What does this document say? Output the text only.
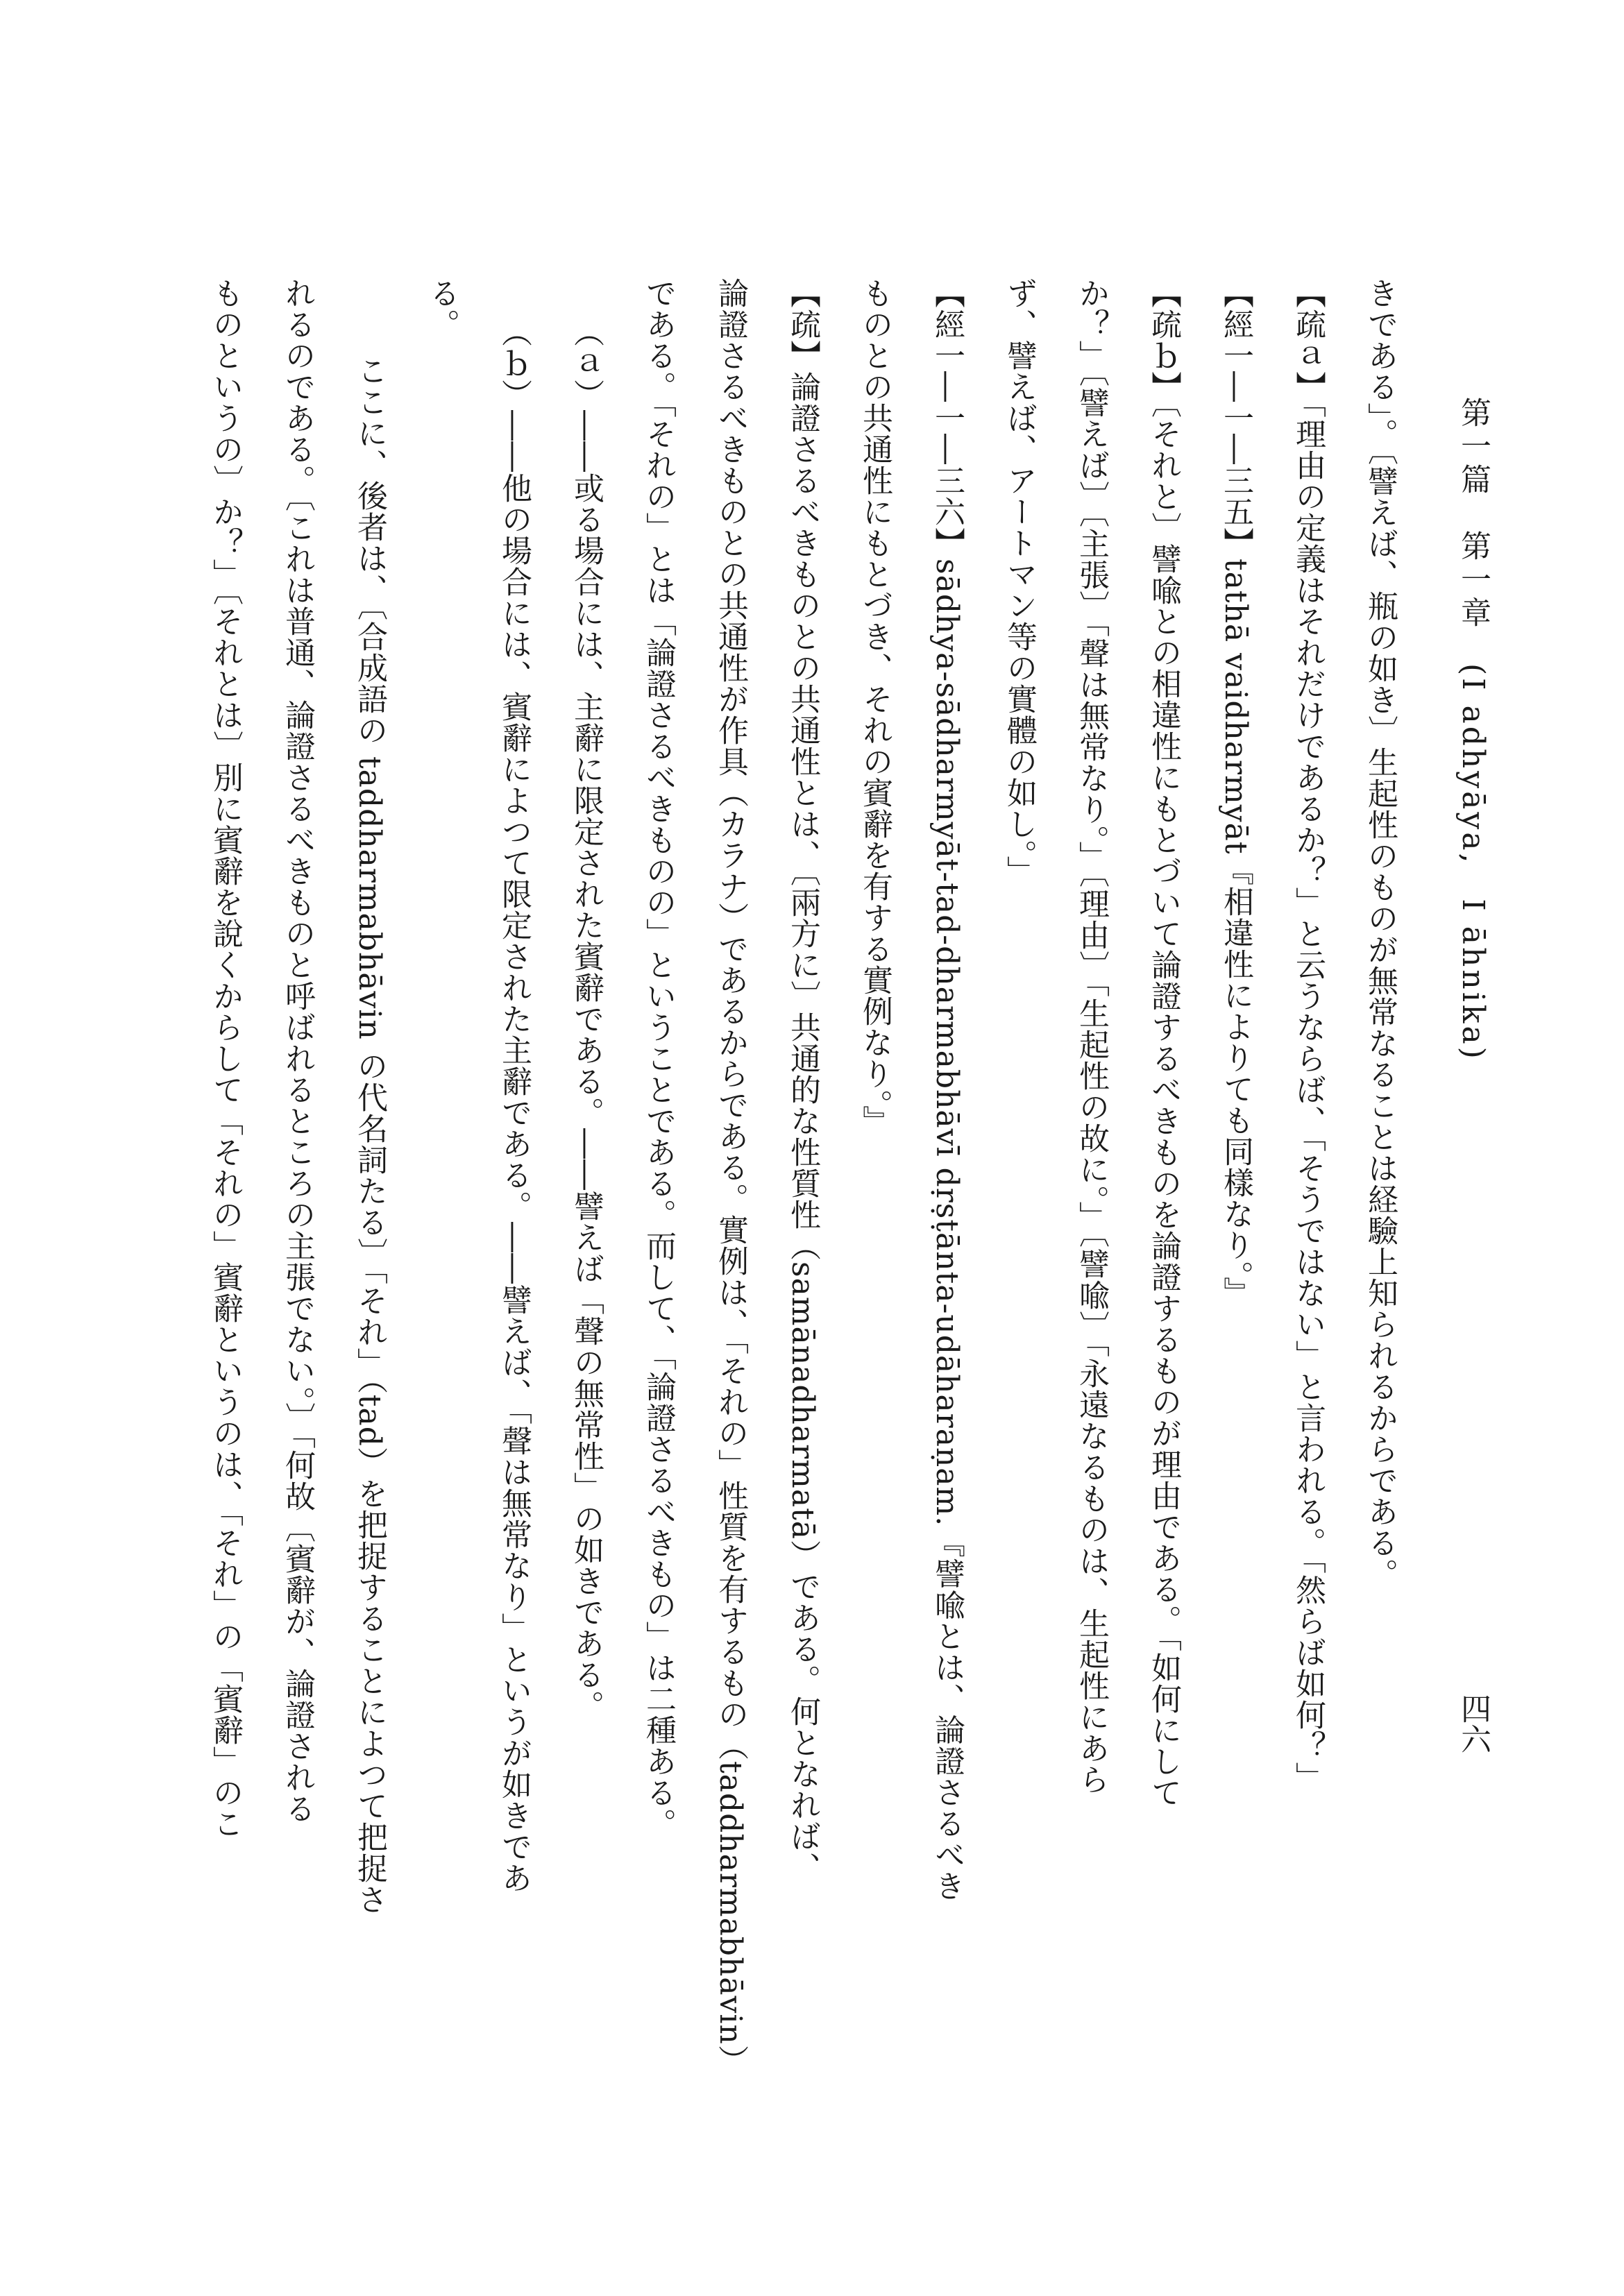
第一篇　第一章　(I adhyāya,　I āhnika)
四六
きである」。〔譬えば、瓶の如き〕生起性のものが無常なることは経驗上知られるからである。
【疏ａ】「理由の定義はそれだけであるか？」と云うならば、「そうではない」と言われる。「然らば如何？」
【經一―一―三五】tathā vaidharmyāt『相違性によりても同樣なり。』
【疏ｂ】〔それと〕譬喩との相違性にもとづいて論證するべきものを論證するものが理由である。「如何にして
か？」〔譬えば〕〔主張〕「聲は無常なり。」〔理由〕「生起性の故に。」〔譬喩〕「永遠なるものは、生起性にあら
ず、譬えば、アートマン等の實體の如し。」
【經一―一―三六】sādhya-sādharmyāt-tad-dharmabhāvī dṛṣṭānta-udāharaṇam.『譬喩とは、論證さるべき
ものとの共通性にもとづき、それの賓辭を有する實例なり。』
【疏】論證さるべきものとの共通性とは、〔兩方に〕共通的な性質性（samānadharmatā）である。何となれば、
論證さるべきものとの共通性が作具（カラナ）であるからである。實例は、「それの」性質を有するもの（taddharmabhāvin）
である。「それの」とは「論證さるべきものの」ということである。而して、「論證さるべきもの」は二種ある。
（ａ）――或る場合には、主辭に限定された賓辭である。――譬えば「聲の無常性」の如きである。
（ｂ）――他の場合には、賓辭によつて限定された主辭である。――譬えば、「聲は無常なり」というが如きであ
る。
ここに、後者は、〔合成語の taddharmabhāvin の代名詞たる〕「それ」（tad）を把捉することによつて把捉さ
れるのである。〔これは普通、論證さるべきものと呼ばれるところの主張でない。〕「何故〔賓辭が、論證される
ものというの〕か？」〔それとは〕別に賓辭を說くからして「それの」賓辭というのは、「それ」の「賓辭」のこ
